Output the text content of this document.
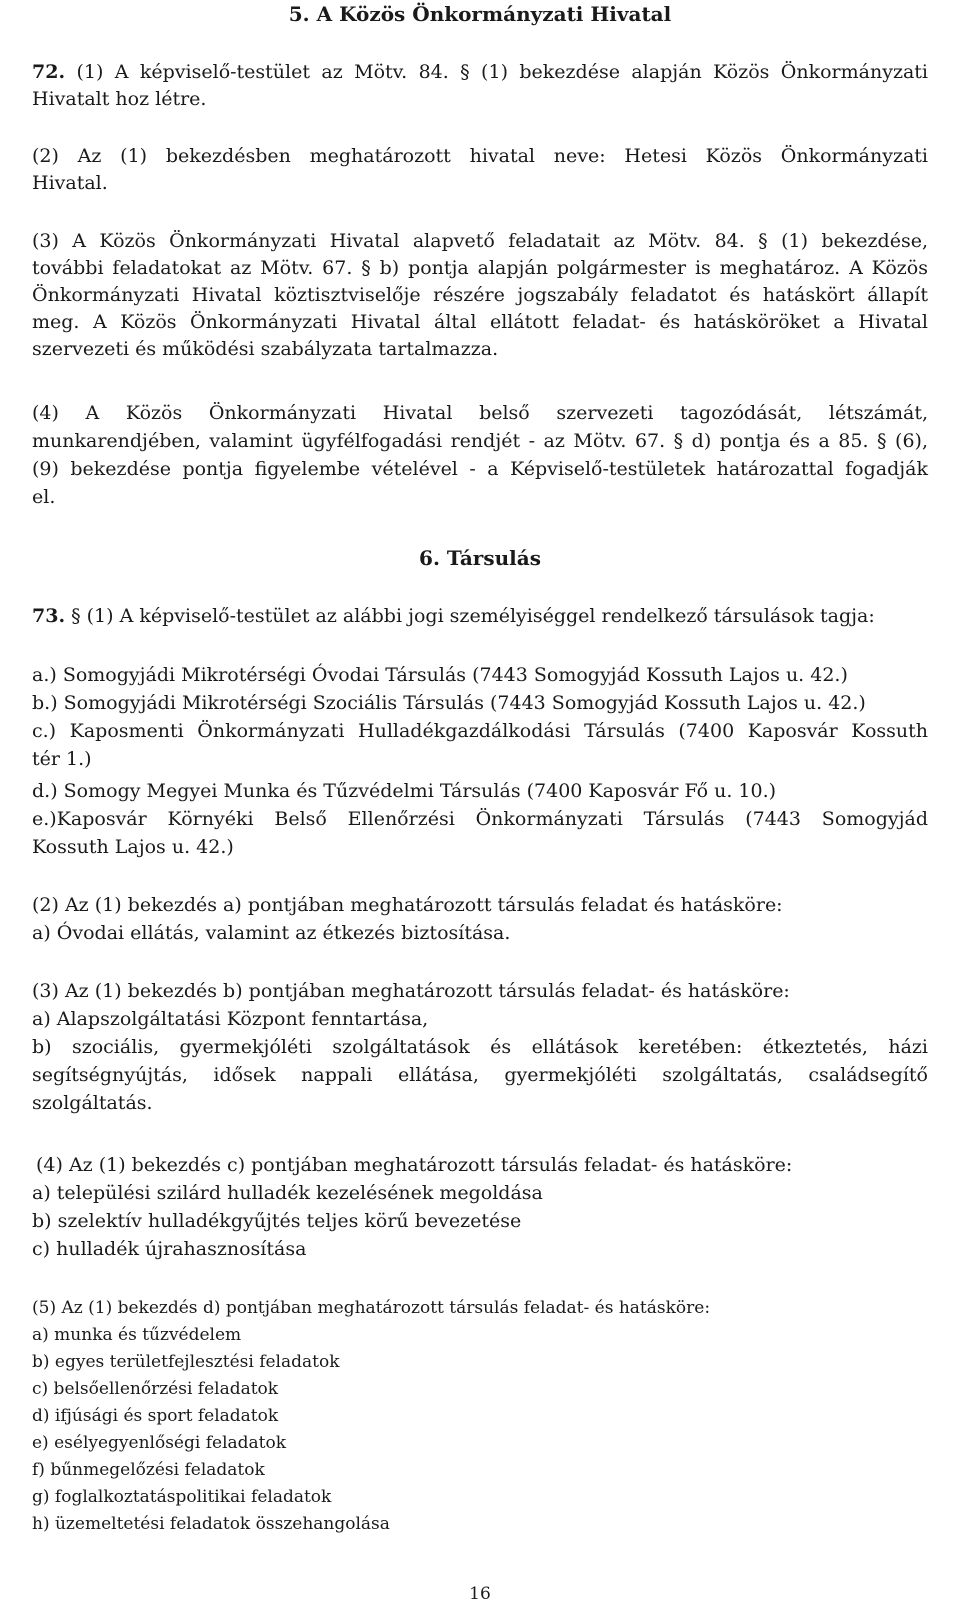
5. A Közös Önkormányzati Hivatal

72. (1) A képviselő-testület az Mötv. 84. § (1) bekezdése alapján Közös Önkormányzati

Hivatalt hoz létre.

(2) Az (1) bekezdésben meghatározott hivatal neve: Hetesi Közös Önkormányzati

Hivatal.

(3) A Közös Önkormányzati Hivatal alapvető feladatait az Mötv. 84. § (1) bekezdése,

további feladatokat az Mötv. 67. § b) pontja alapján polgármester is meghatároz. A Közös

Önkormányzati Hivatal köztisztviselője részére jogszabály feladatot és hatáskört állapít

meg. A Közös Önkormányzati Hivatal által ellátott feladat- és hatásköröket a Hivatal

szervezeti és működési szabályzata tartalmazza.

(4) A Közös Önkormányzati Hivatal belső szervezeti tagozódását, létszámát,

munkarendjében, valamint ügyfélfogadási rendjét - az Mötv. 67. § d) pontja és a 85. § (6),

(9) bekezdése pontja figyelembe vételével - a Képviselő-testületek határozattal fogadják

el.

6. Társulás

73. § (1) A képviselő-testület az alábbi jogi személyiséggel rendelkező társulások tagja:

a.) Somogyjádi Mikrotérségi Óvodai Társulás (7443 Somogyjád Kossuth Lajos u. 42.)

b.) Somogyjádi Mikrotérségi Szociális Társulás (7443 Somogyjád Kossuth Lajos u. 42.)

c.) Kaposmenti Önkormányzati Hulladékgazdálkodási Társulás (7400 Kaposvár Kossuth

tér 1.)

d.) Somogy Megyei Munka és Tűzvédelmi Társulás (7400 Kaposvár Fő u. 10.)

e.)Kaposvár Környéki Belső Ellenőrzési Önkormányzati Társulás (7443 Somogyjád

Kossuth Lajos u. 42.)

(2) Az (1) bekezdés a) pontjában meghatározott társulás feladat és hatásköre:

a) Óvodai ellátás, valamint az étkezés biztosítása.

(3) Az (1) bekezdés b) pontjában meghatározott társulás feladat- és hatásköre:

a) Alapszolgáltatási Központ fenntartása,

b) szociális, gyermekjóléti szolgáltatások és ellátások keretében: étkeztetés, házi

segítségnyújtás, idősek nappali ellátása, gyermekjóléti szolgáltatás, családsegítő

szolgáltatás.

(4) Az (1) bekezdés c) pontjában meghatározott társulás feladat- és hatásköre:

a) települési szilárd hulladék kezelésének megoldása

b) szelektív hulladékgyűjtés teljes körű bevezetése

c) hulladék újrahasznosítása

(5) Az (1) bekezdés d) pontjában meghatározott társulás feladat- és hatásköre:

a) munka és tűzvédelem

b) egyes területfejlesztési feladatok

c) belsőellenőrzési feladatok

d) ifjúsági és sport feladatok

e) esélyegyenlőségi feladatok

f) bűnmegelőzési feladatok

g) foglalkoztatáspolitikai feladatok

h) üzemeltetési feladatok összehangolása

16
